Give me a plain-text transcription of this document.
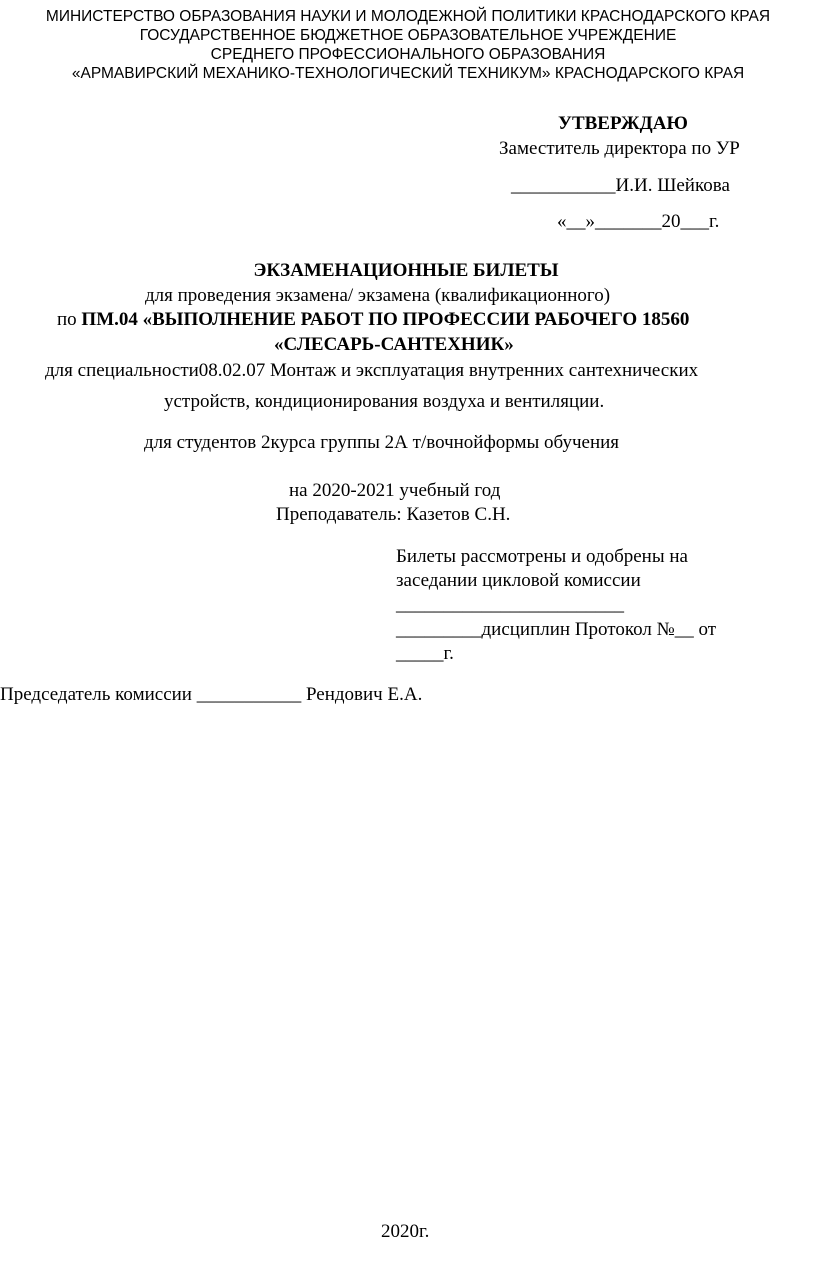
МИНИСТЕРСТВО ОБРАЗОВАНИЯ НАУКИ И МОЛОДЕЖНОЙ ПОЛИТИКИ КРАСНОДАРСКОГО КРАЯ
ГОСУДАРСТВЕННОЕ БЮДЖЕТНОЕ ОБРАЗОВАТЕЛЬНОЕ УЧРЕЖДЕНИЕ
СРЕДНЕГО ПРОФЕССИОНАЛЬНОГО ОБРАЗОВАНИЯ
«АРМАВИРСКИЙ МЕХАНИКО-ТЕХНОЛОГИЧЕСКИЙ ТЕХНИКУМ» КРАСНОДАРСКОГО КРАЯ
УТВЕРЖДАЮ
Заместитель директора по УР
___________И.И. Шейкова
«__»_______20___г.
ЭКЗАМЕНАЦИОННЫЕ БИЛЕТЫ
для проведения экзамена/ экзамена (квалификационного)
по ПМ.04 «ВЫПОЛНЕНИЕ РАБОТ ПО ПРОФЕССИИ РАБОЧЕГО 18560
«СЛЕСАРЬ-САНТЕХНИК»
для специальности08.02.07 Монтаж и эксплуатация внутренних сантехнических
устройств, кондиционирования воздуха и вентиляции.
для студентов 2курса группы 2А т/вочнойформы обучения
на 2020-2021 учебный год
Преподаватель: Казетов С.Н.
Билеты рассмотрены и одобрены на
заседании цикловой комиссии
________________________
_________дисциплин Протокол №__ от
_____г.
Председатель комиссии ___________ Рендович Е.А.
2020г.
